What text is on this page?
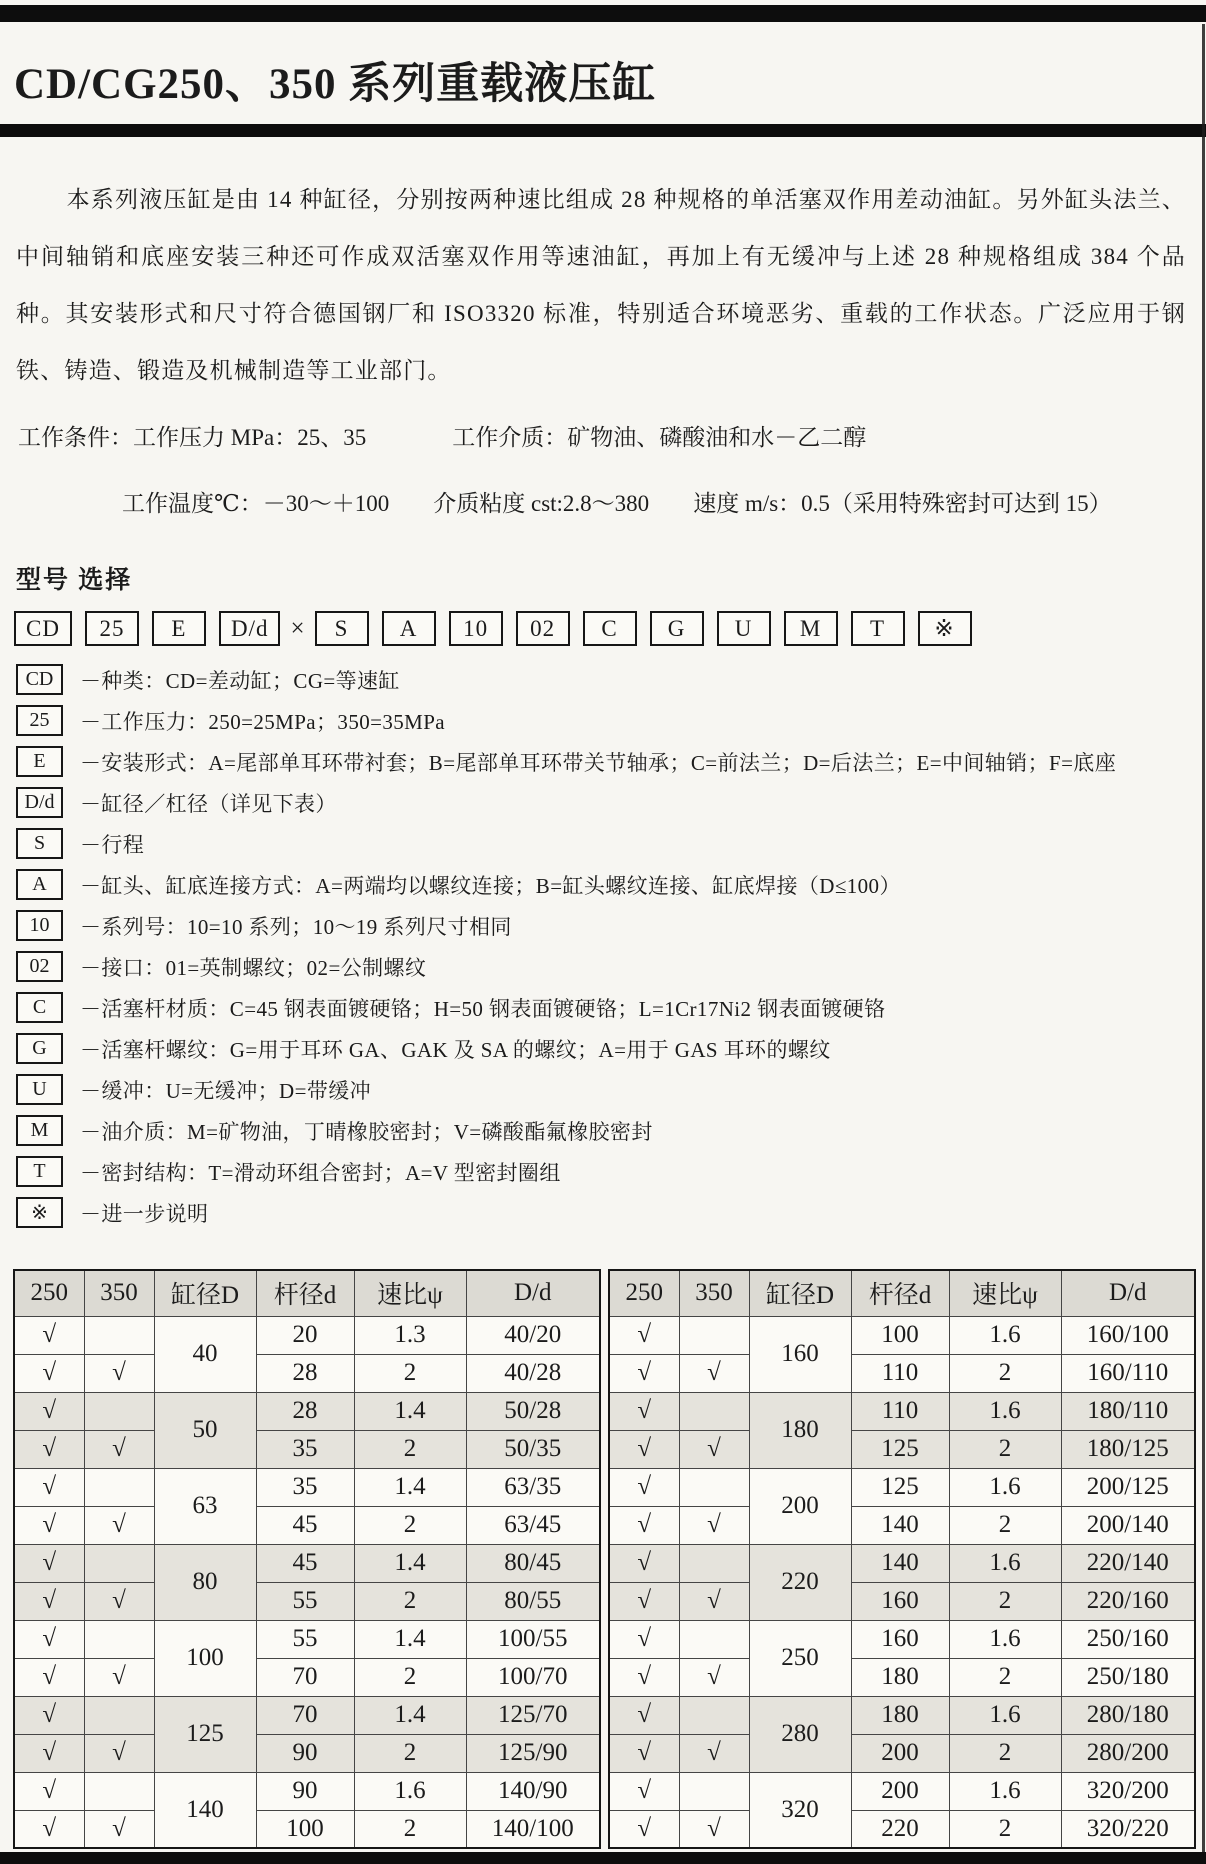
CD/CG250、350 系列重载液压缸

本系列液压缸是由 14 种缸径，分别按两种速比组成 28 种规格的单活塞双作用差动油缸。另外缸头法兰、中间轴销和底座安装三种还可作成双活塞双作用等速油缸，再加上有无缓冲与上述 28 种规格组成 384 个品种。其安装形式和尺寸符合德国钢厂和 ISO3320 标准，特别适合环境恶劣、重载的工作状态。广泛应用于钢铁、铸造、锻造及机械制造等工业部门。

工作条件：工作压力 MPa：25、35	工作介质：矿物油、磷酸油和水－乙二醇
工作温度℃：－30～＋100 介质粘度 cst:2.8～380 速度 m/s：0.5（采用特殊密封可达到 15）
型号 选择
CD	25	E	D/d ×	S	A	10	02	C	G	U	M	T	※
CD	－种类：CD=差动缸；CG=等速缸
25	－工作压力：250=25MPa；350=35MPa
E	－安装形式：A=尾部单耳环带衬套；B=尾部单耳环带关节轴承；C=前法兰；D=后法兰；E=中间轴销；F=底座
D/d	－缸径／杠径（详见下表）
S	－行程
A	－缸头、缸底连接方式：A=两端均以螺纹连接；B=缸头螺纹连接、缸底焊接（D≤100）
10	－系列号：10=10 系列；10～19 系列尺寸相同
02	－接口：01=英制螺纹；02=公制螺纹
C	－活塞杆材质：C=45 钢表面镀硬铬；H=50 钢表面镀硬铬；L=1Cr17Ni2 钢表面镀硬铬
G	－活塞杆螺纹：G=用于耳环 GA、GAK 及 SA 的螺纹；A=用于 GAS 耳环的螺纹
U	－缓冲：U=无缓冲；D=带缓冲
M	－油介质：M=矿物油，丁晴橡胶密封；V=磷酸酯氟橡胶密封
T	－密封结构：T=滑动环组合密封；A=V 型密封圈组
※	－进一步说明
250	350	缸径D	杆径d	速比ψ	D/d
√		40	20	1.3	40/20
√	√		28	2	40/28
√		50	28	1.4	50/28
√	√		35	2	50/35
√		63	35	1.4	63/35
√	√		45	2	63/45
√		80	45	1.4	80/45
√	√		55	2	80/55
√		100	55	1.4	100/55
√	√		70	2	100/70
√		125	70	1.4	125/70
√	√		90	2	125/90
√		140	90	1.6	140/90
√	√		100	2	140/100
250	350	缸径D	杆径d	速比ψ	D/d
√		160	100	1.6	160/100
√	√		110	2	160/110
√		180	110	1.6	180/110
√	√		125	2	180/125
√		200	125	1.6	200/125
√	√		140	2	200/140
√		220	140	1.6	220/140
√	√		160	2	220/160
√		250	160	1.6	250/160
√	√		180	2	250/180
√		280	180	1.6	280/180
√	√		200	2	280/200
√		320	200	1.6	320/200
√	√		220	2	320/220
